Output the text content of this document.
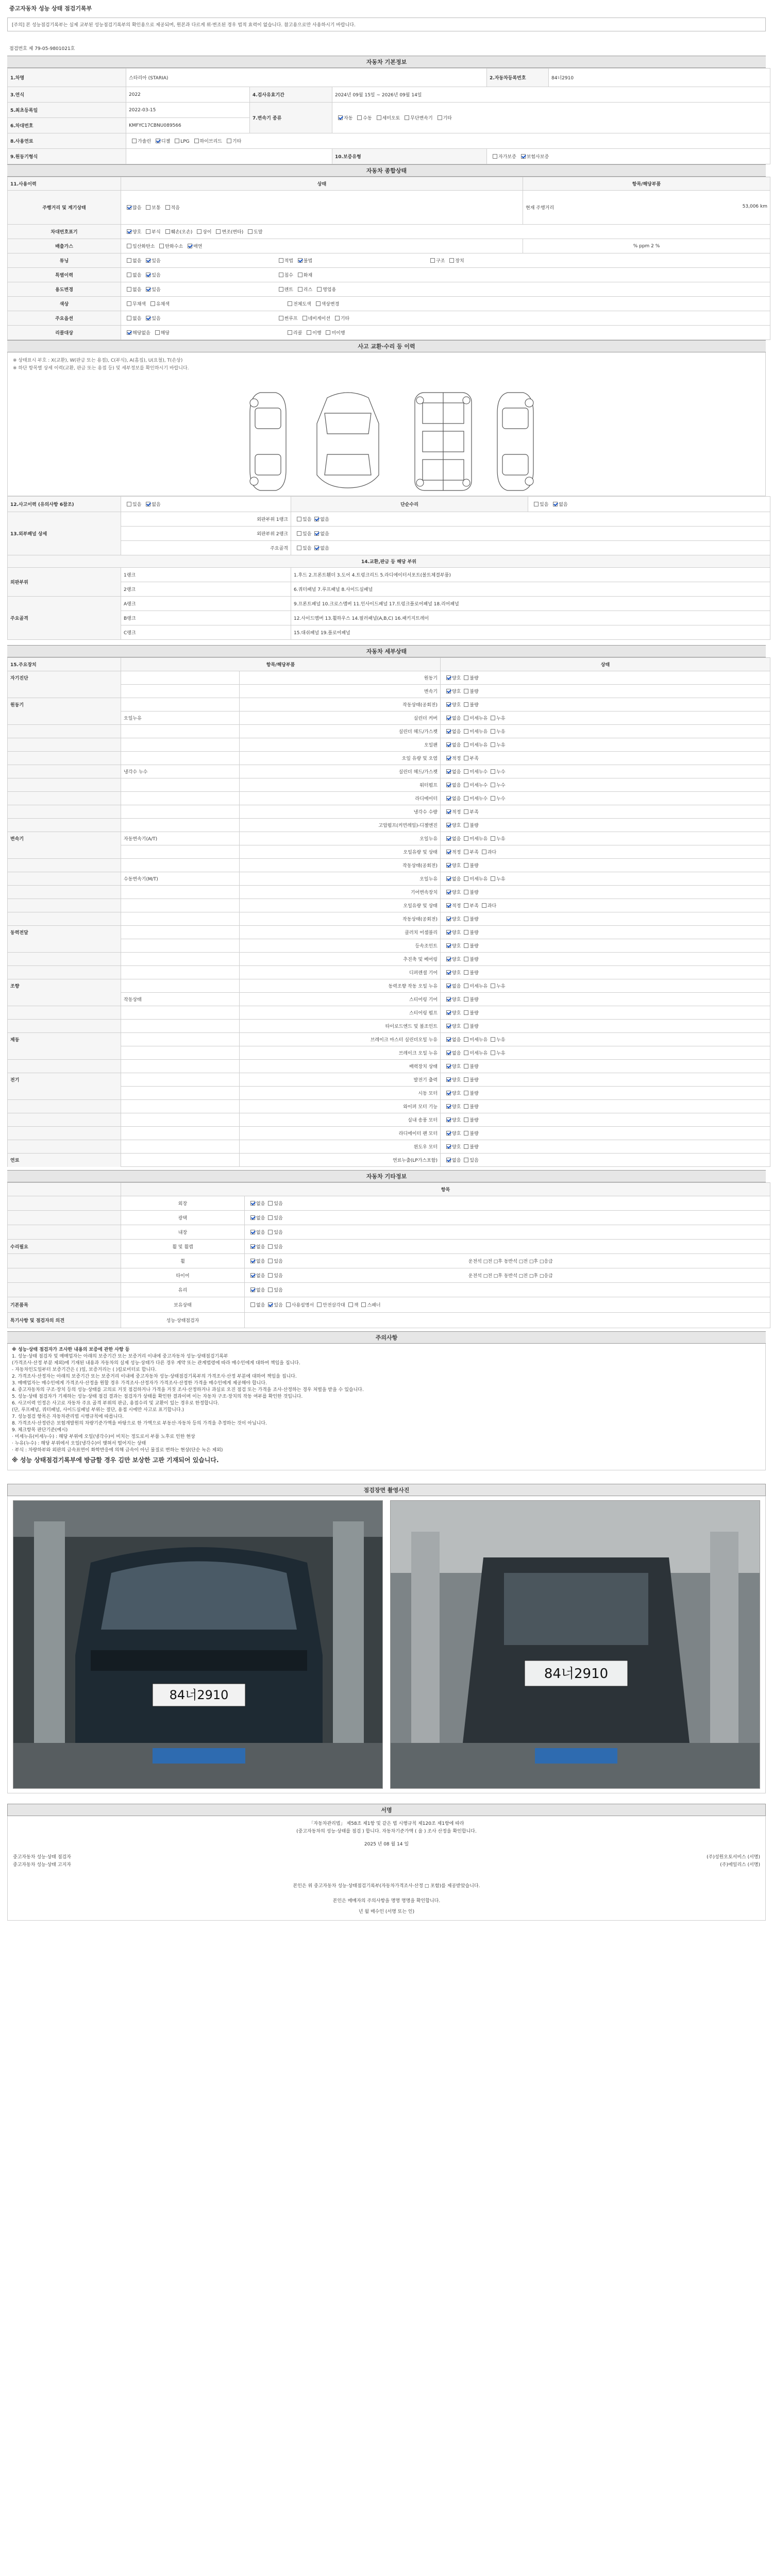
중고자동차 성능 상태 점검기록부
[주의] 본 성능점검기록부는 실제 교부된 성능점검기록부의 확인용으로 제공되며, 원본과 다르게 위·변조된 경우 법적 효력이 없습니다. 참고용으로만 사용하시기 바랍니다.
점검번호 제 79-05-9801021호
자동차 기본정보
1.차명	스타리아 (STARIA)			2.자동차등록번호	84너2910
3.연식	2022	4.검사유효기간	2024년 09월 15일 ~ 2026년 09월 14일		
5.최초등록일	2022-03-15	7.변속기 종류	자동 수동 세미오토 무단변속기 기타		
6.차대번호	KMFYC17CBNU089566				
8.사용연료	가솔린 디젤 LPG 하이브리드 기타				
9.원동기형식			10.보증유형	자가보증 보험사보증	
자동차 종합상태
11.사용이력	상태	항목/해당부품
주행거리 및 계기상태	많음 보통 적음	현재 주행거리 53,006 km

차대번호표기	양호 부식 훼손(오손) 상이 변조(변타) 도말	
배출가스	일산화탄소 탄화수소 매연	% ppm 2 %
튜닝	없음 있음 적법 불법 구조 장치	
특별이력	없음 있음 침수 화재	
용도변경	없음 있음 렌트 리스 영업용	
색상	무채색 유채색 전체도색 색상변경	
주요옵션	없음 있음 썬루프 네비게이션 기타	
리콜대상	해당없음 해당 리콜 이행 미이행	
사고 교환·수리 등 이력
※ 상태표시 부호 : X(교환), W(판금 또는 용접), C(부식), A(흠집), U(요철), T(손상)
※ 하단 항목별 상세 이력(교환, 판금 또는 용접 등) 및 세부정보를 확인하시기 바랍니다.
12.사고이력 (유의사항 6참조)	있음 없음	단순수리	있음 없음
13.외부패널 상세	외판부위 1랭크	있음 없음	
	외판부위 2랭크	있음 없음	
	주요골격	있음 없음	
14.교환,판금 등 해당 부위			
외판부위	1랭크	1.후드 2.프론트휀더 3.도어 4.트렁크리드 5.라디에이터서포트(볼트체결부품)	
	2랭크	6.쿼터패널 7.루프패널 8.사이드실패널	
주요골격	A랭크	9.프론트패널 10.크로스멤버 11.인사이드패널 17.트렁크플로어패널 18.리어패널	
	B랭크	12.사이드멤버 13.휠하우스 14.필러패널(A,B,C) 16.패키지트레이	
	C랭크	15.대쉬패널 19.플로어패널	
자동차 세부상태
15.주요장치	항목/해당부품		상태
자기진단		원동기	양호 불량
		변속기	양호 불량
원동기		작동상태(공회전)	양호 불량
	오일누유	실린더 커버	없음 미세누유 누유
		실린더 헤드/가스켓	없음 미세누유 누유
		오일팬	없음 미세누유 누유
		오일 유량 및 오염	적정 부족
	냉각수 누수	실린더 헤드/가스켓	없음 미세누수 누수
		워터펌프	없음 미세누수 누수
		라디에이터	없음 미세누수 누수
		냉각수 수량	적정 부족
		고압펌프(커먼레일)-디젤엔진	양호 불량
변속기	자동변속기(A/T)	오일누유	없음 미세누유 누유
		오일유량 및 상태	적정 부족 과다
		작동상태(공회전)	양호 불량
	수동변속기(M/T)	오일누유	없음 미세누유 누유
		기어변속장치	양호 불량
		오일유량 및 상태	적정 부족 과다
		작동상태(공회전)	양호 불량
동력전달		클러치 어셈블리	양호 불량
		등속조인트	양호 불량
		추진축 및 베어링	양호 불량
		디퍼렌셜 기어	양호 불량
조향		동력조향 작동 오일 누유	없음 미세누유 누유
	작동상태	스티어링 기어	양호 불량
		스티어링 펌프	양호 불량
		타이로드엔드 및 볼조인트	양호 불량
제동		브레이크 마스터 실린더오일 누유	없음 미세누유 누유
		브레이크 오일 누유	없음 미세누유 누유
		배력장치 상태	양호 불량
전기		발전기 출력	양호 불량
		시동 모터	양호 불량
		와이퍼 모터 기능	양호 불량
		실내 송풍 모터	양호 불량
		라디에이터 팬 모터	양호 불량
		윈도우 모터	양호 불량
연료		연료누출(LP가스포함)	없음 있음
자동차 기타정보
	항목	
	외장	없음 있음
	광택	없음 있음
	내장	없음 있음
수리필요	휠 및 휠캡	없음 있음
	휠	없음 있음 운전석 □전 □후 동반석 □전 □후 □응급
	타이어	없음 있음 운전석 □전 □후 동반석 □전 □후 □응급
	유리	없음 있음
기본품목	보유상태	없음 있음 사용설명서 안전삼각대 잭 스패너
특기사항 및 점검자의 의견	성능·상태점검자	
주의사항
※ 성능·상태 점검자가 조사한 내용의 보증에 관한 사항 등
1. 성능·상태 점검자 및 매매업자는 아래의 보증기간 또는 보증거리 이내에 중고자동차 성능·상태점검기록부
(가격조사·산정 부분 제외)에 기재된 내용과 자동차의 실제 성능·상태가 다른 경우 계약 또는 관계법령에 따라 매수인에게 대하여 책임을 집니다.
- 자동차인도일부터 보증기간은 ( )일, 보증거리는 ( )킬로미터로 합니다.
2. 가격조사·산정자는 아래의 보증기간 또는 보증거리 이내에 중고자동차 성능·상태점검기록부의 가격조사·산정 부분에 대하여 책임을 집니다.
3. 매매업자는 매수인에게 가격조사·산정을 원할 경우 가격조사·산정자가 가격조사·산정한 가격을 매수인에게 제공해야 합니다.
4. 중고자동차의 구조·장치 등의 성능·상태를 고의로 거짓 점검하거나 가격을 거짓 조사·산정하거나 과실로 오진 점검 또는 가격을 조사·산정하는 경우 처벌을 받을 수 있습니다.
5. 성능·상태 점검자가 기재하는 성능·상태 점검 결과는 점검자가 상태를 확인한 결과이며 이는 자동차 구조·장치의 작동 여부를 확인한 것입니다.
6. 사고이력 인정은 사고로 자동차 주요 골격 부위의 판금, 용접수리 및 교환이 있는 경우로 한정합니다.
(단, 루프패널, 쿼터패널, 사이드실패널 부위는 절단, 용접 시에만 사고로 표기합니다.)
7. 성능점검 항목은 자동차관리법 시행규칙에 따릅니다.
8. 가격조사·산정란은 보험개발원의 차량기준가액을 바탕으로 한 가액으로 부동산·자동차 등의 가격을 추정하는 것이 아닙니다.
9. 체크항목 판단기준(예시)
· 미세누유(미세누수) : 해당 부위에 오일(냉각수)이 비치는 정도로서 부품 노후로 인한 현상
· 누유(누수) : 해당 부위에서 오일(냉각수)이 맺혀서 떨어지는 상태
· 부식 : 차량하부와 외판의 금속표면이 화학반응에 의해 금속이 아닌 물질로 변하는 현상(단순 녹은 제외)
※ 성능 상태점검기록부에 방금할 경우 김만 보상한 고판 기재되어 있습니다.
점검장면 촬영사진
84너2910
84너2910
서명
「자동차관리법」 제58조 제1항 및 같은 법 시행규칙 제120조 제1항에 따라
(중고자동차의 성능·상태를 점검 ) 합니다. 자동차기준가액 ( 을 ) 조사 산정을 확인합니다.
2025 년 08 월 14 일
중고자동차 성능·상태 점검자	(주)성원오토서비스 (서명)
중고자동차 성능·상태 고지자	(주)에일리스 (서명)
본인은 위 중고자동차 성능·상태점검기록부(자동차가격조사·산정 □ 포함)를 제공받았습니다.
본인은 매매자의 주의사항을 명명 명명을 확인합니다.
년 월 매수인 (서명 또는 인)
